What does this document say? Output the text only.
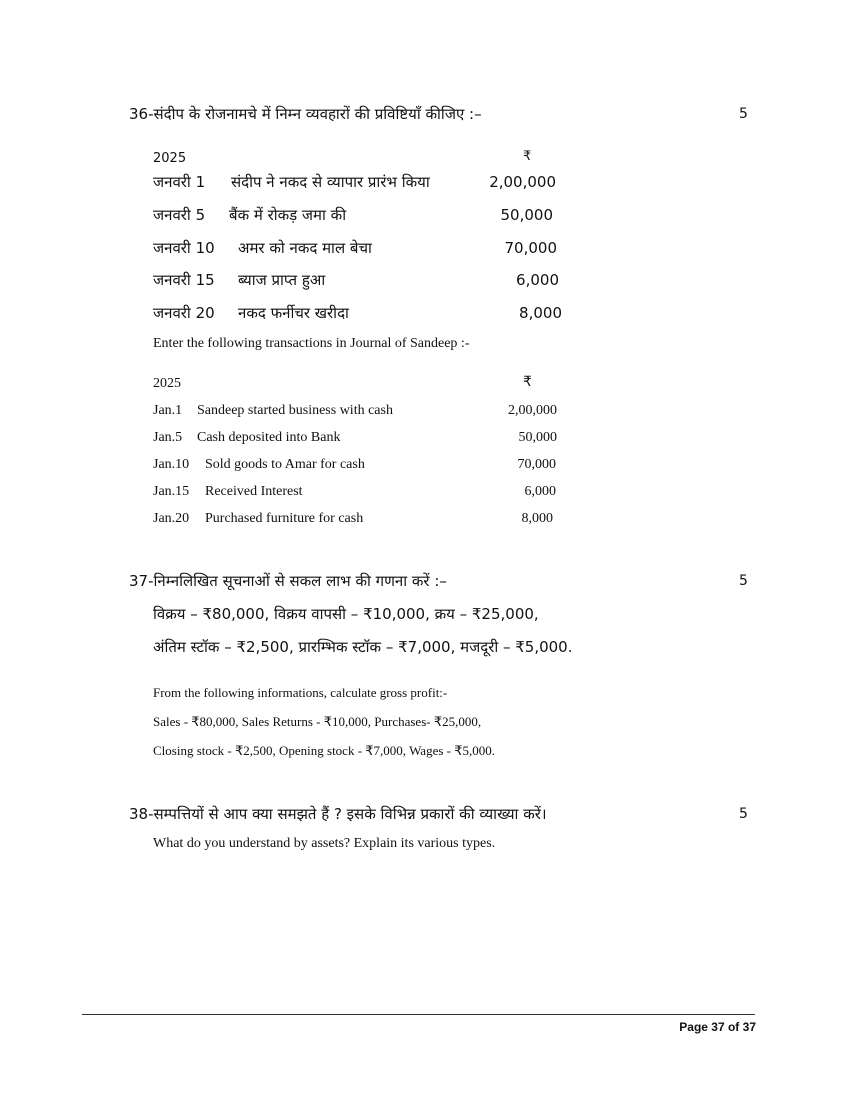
36-संदीप के रोजनामचे में निम्न व्यवहारों की प्रविष्टियाँ कीजिए :–	5
2025	₹
जनवरी 1 संदीप ने नकद से व्यापार प्रारंभ किया	2,00,000
जनवरी 5 बैंक में रोकड़ जमा की	50,000
जनवरी 10 अमर को नकद माल बेचा	70,000
जनवरी 15 ब्याज प्राप्त हुआ	6,000
जनवरी 20 नकद फर्नीचर खरीदा	8,000
Enter the following transactions in Journal of Sandeep :-
2025	₹
Jan.1 Sandeep started business with cash	2,00,000
Jan.5 Cash deposited into Bank	50,000
Jan.10 Sold goods to Amar for cash	70,000
Jan.15 Received Interest	6,000
Jan.20 Purchased furniture for cash	8,000
37-निम्नलिखित सूचनाओं से सकल लाभ की गणना करें :–	5
विक्रय – ₹80,000, विक्रय वापसी – ₹10,000, क्रय – ₹25,000,
अंतिम स्टॉक – ₹2,500, प्रारम्भिक स्टॉक – ₹7,000, मजदूरी – ₹5,000.
From the following informations, calculate gross profit:-
Sales - ₹80,000, Sales Returns - ₹10,000, Purchases- ₹25,000,
Closing stock - ₹2,500, Opening stock - ₹7,000, Wages - ₹5,000.
38-सम्पत्तियों से आप क्या समझते हैं ? इसके विभिन्न प्रकारों की व्याख्या करें।	5
What do you understand by assets? Explain its various types.
Page 37 of 37
